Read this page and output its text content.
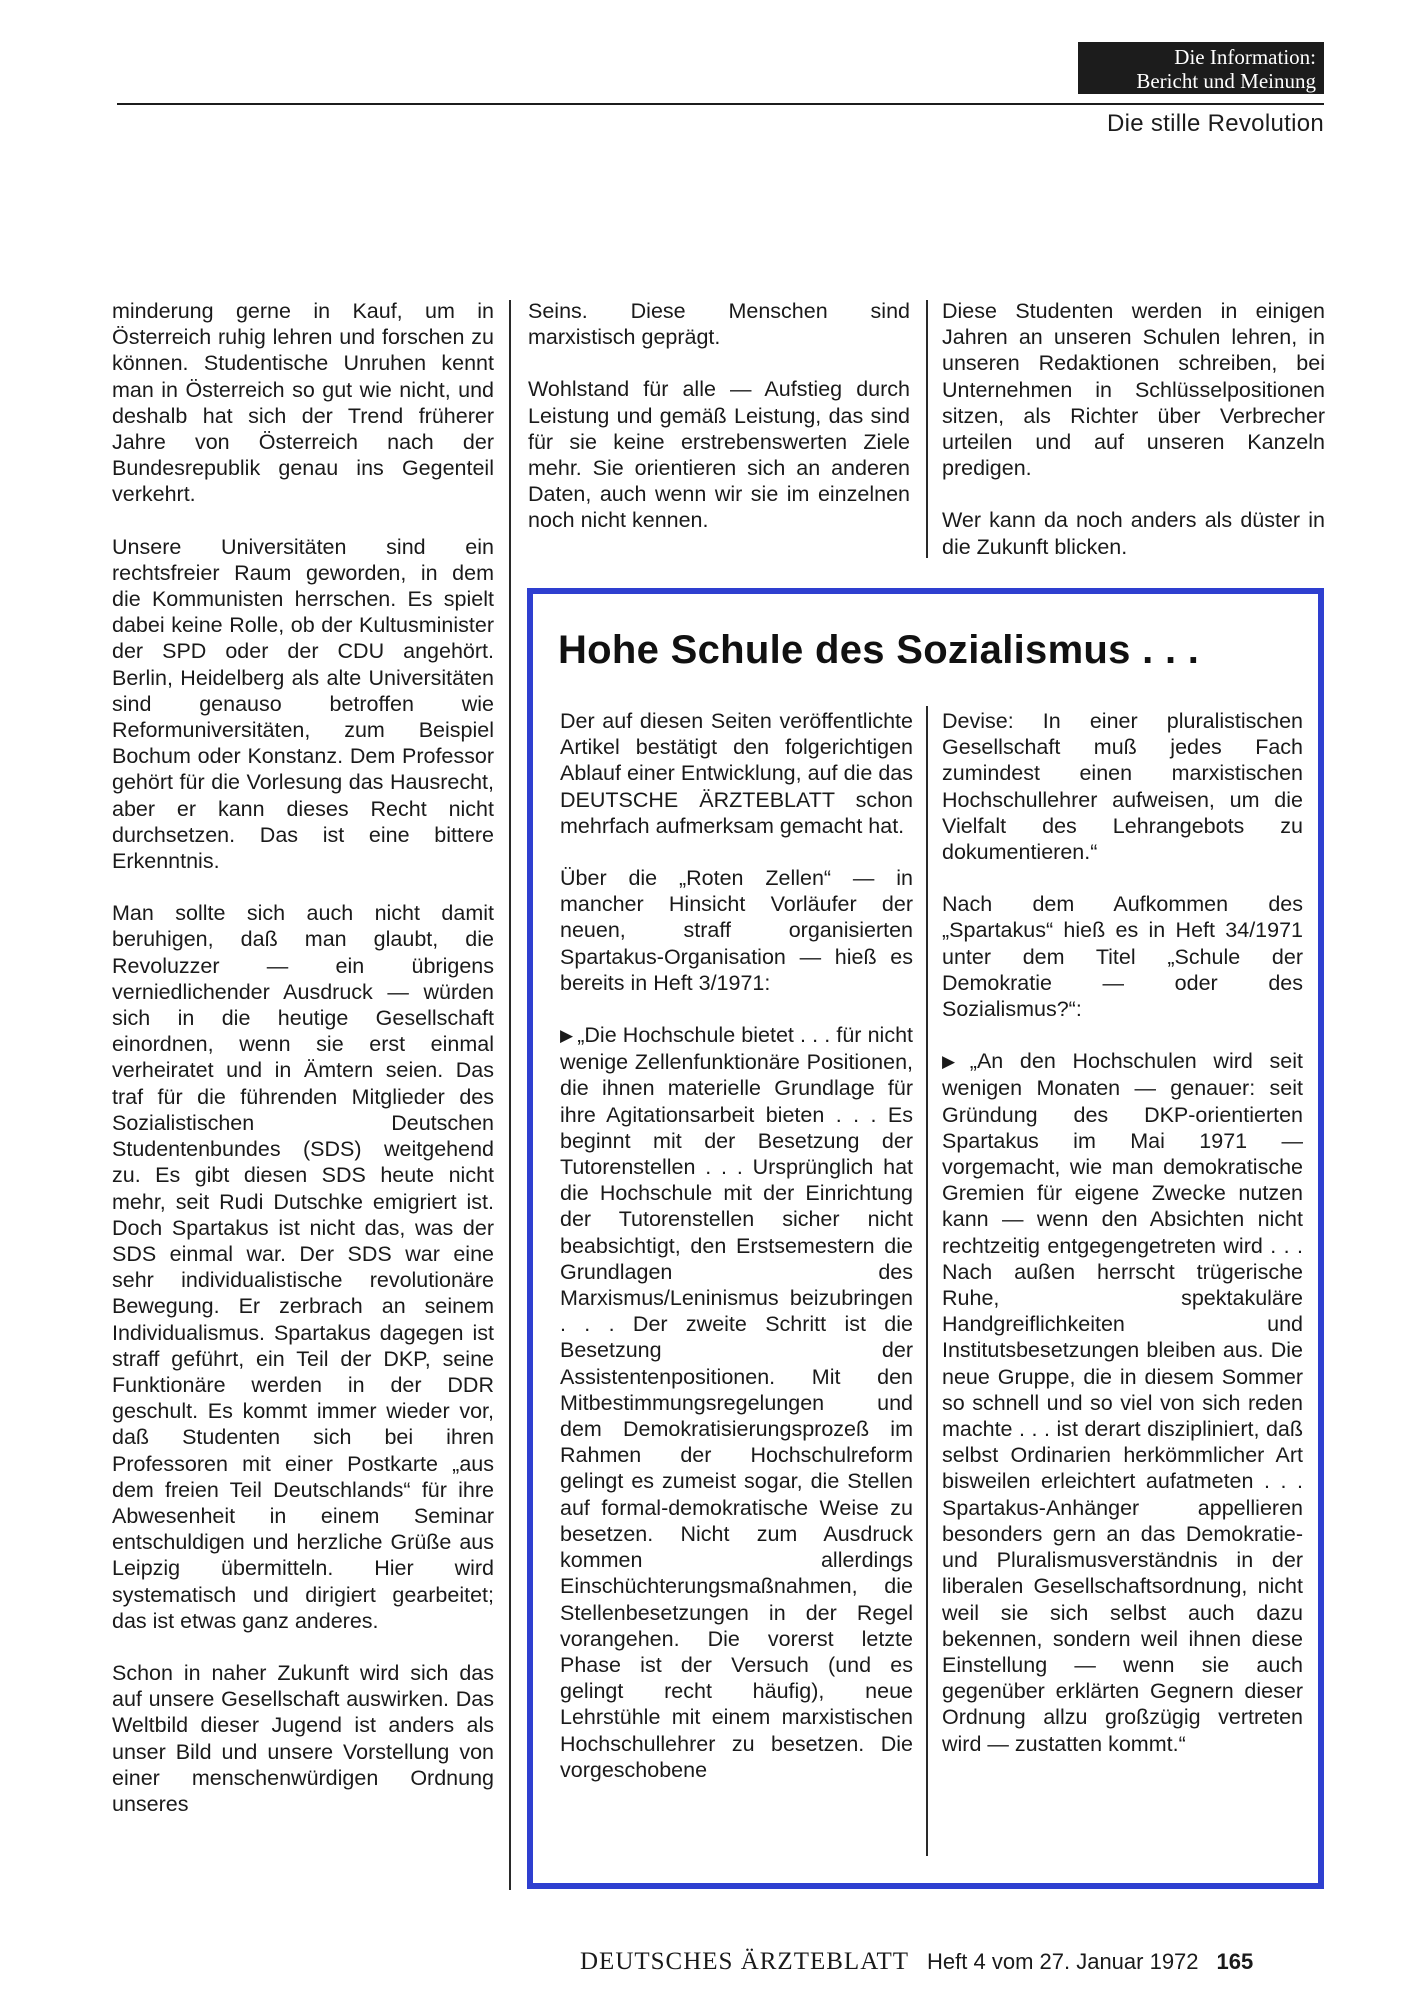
Die Information:
Bericht und Meinung
Die stille Revolution

minderung gerne in Kauf, um in Österreich ruhig lehren und forschen zu können. Studentische Unruhen kennt man in Österreich so gut wie nicht, und deshalb hat sich der Trend früherer Jahre von Österreich nach der Bundesrepublik genau ins Gegenteil verkehrt.

Unsere Universitäten sind ein rechtsfreier Raum geworden, in dem die Kommunisten herrschen. Es spielt dabei keine Rolle, ob der Kultusminister der SPD oder der CDU angehört. Berlin, Heidelberg als alte Universitäten sind genauso betroffen wie Reformuniversitäten, zum Beispiel Bochum oder Konstanz. Dem Professor gehört für die Vorlesung das Hausrecht, aber er kann dieses Recht nicht durchsetzen. Das ist eine bittere Erkenntnis.

Man sollte sich auch nicht damit beruhigen, daß man glaubt, die Revoluzzer — ein übrigens verniedlichender Ausdruck — würden sich in die heutige Gesellschaft einordnen, wenn sie erst einmal verheiratet und in Ämtern seien. Das traf für die führenden Mitglieder des Sozialistischen Deutschen Studentenbundes (SDS) weitgehend zu. Es gibt diesen SDS heute nicht mehr, seit Rudi Dutschke emigriert ist. Doch Spartakus ist nicht das, was der SDS einmal war. Der SDS war eine sehr individualistische revolutionäre Bewegung. Er zerbrach an seinem Individualismus. Spartakus dagegen ist straff geführt, ein Teil der DKP, seine Funktionäre werden in der DDR geschult. Es kommt immer wieder vor, daß Studenten sich bei ihren Professoren mit einer Postkarte „aus dem freien Teil Deutschlands“ für ihre Abwesenheit in einem Seminar entschuldigen und herzliche Grüße aus Leipzig übermitteln. Hier wird systematisch und dirigiert gearbeitet; das ist etwas ganz anderes.

Schon in naher Zukunft wird sich das auf unsere Gesellschaft auswirken. Das Weltbild dieser Jugend ist anders als unser Bild und unsere Vorstellung von einer menschenwürdigen Ordnung unseres

Seins. Diese Menschen sind marxistisch geprägt.

Wohlstand für alle — Aufstieg durch Leistung und gemäß Leistung, das sind für sie keine erstrebenswerten Ziele mehr. Sie orientieren sich an anderen Daten, auch wenn wir sie im einzelnen noch nicht kennen.

Diese Studenten werden in einigen Jahren an unseren Schulen lehren, in unseren Redaktionen schreiben, bei Unternehmen in Schlüsselpositionen sitzen, als Richter über Verbrecher urteilen und auf unseren Kanzeln predigen.

Wer kann da noch anders als düster in die Zukunft blicken.

Hohe Schule des Sozialismus . . .

Der auf diesen Seiten veröffentlichte Artikel bestätigt den folgerichtigen Ablauf einer Entwicklung, auf die das DEUTSCHE ÄRZTEBLATT schon mehrfach aufmerksam gemacht hat.

Über die „Roten Zellen“ — in mancher Hinsicht Vorläufer der neuen, straff organisierten Spartakus-Organisation — hieß es bereits in Heft 3/1971:

▶ „Die Hochschule bietet . . . für nicht wenige Zellenfunktionäre Positionen, die ihnen materielle Grundlage für ihre Agitationsarbeit bieten . . . Es beginnt mit der Besetzung der Tutorenstellen . . . Ursprünglich hat die Hochschule mit der Einrichtung der Tutorenstellen sicher nicht beabsichtigt, den Erstsemestern die Grundlagen des Marxismus/Leninismus beizubringen . . . Der zweite Schritt ist die Besetzung der Assistentenpositionen. Mit den Mitbestimmungsregelungen und dem Demokratisierungsprozeß im Rahmen der Hochschulreform gelingt es zumeist sogar, die Stellen auf formal-demokratische Weise zu besetzen. Nicht zum Ausdruck kommen allerdings Einschüchterungsmaßnahmen, die Stellenbesetzungen in der Regel vorangehen. Die vorerst letzte Phase ist der Versuch (und es gelingt recht häufig), neue Lehrstühle mit einem marxistischen Hochschullehrer zu besetzen. Die vorgeschobene

Devise: In einer pluralistischen Gesellschaft muß jedes Fach zumindest einen marxistischen Hochschullehrer aufweisen, um die Vielfalt des Lehrangebots zu dokumentieren.“

Nach dem Aufkommen des „Spartakus“ hieß es in Heft 34/1971 unter dem Titel „Schule der Demokratie — oder des Sozialismus?“:

▶ „An den Hochschulen wird seit wenigen Monaten — genauer: seit Gründung des DKP-orientierten Spartakus im Mai 1971 — vorgemacht, wie man demokratische Gremien für eigene Zwecke nutzen kann — wenn den Absichten nicht rechtzeitig entgegengetreten wird . . . Nach außen herrscht trügerische Ruhe, spektakuläre Handgreiflichkeiten und Institutsbesetzungen bleiben aus. Die neue Gruppe, die in diesem Sommer so schnell und so viel von sich reden machte . . . ist derart diszipliniert, daß selbst Ordinarien herkömmlicher Art bisweilen erleichtert aufatmeten . . . Spartakus-Anhänger appellieren besonders gern an das Demokratie- und Pluralismusverständnis in der liberalen Gesellschaftsordnung, nicht weil sie sich selbst auch dazu bekennen, sondern weil ihnen diese Einstellung — wenn sie auch gegenüber erklärten Gegnern dieser Ordnung allzu großzügig vertreten wird — zustatten kommt.“

DEUTSCHES ÄRZTEBLATT Heft 4 vom 27. Januar 1972 165
